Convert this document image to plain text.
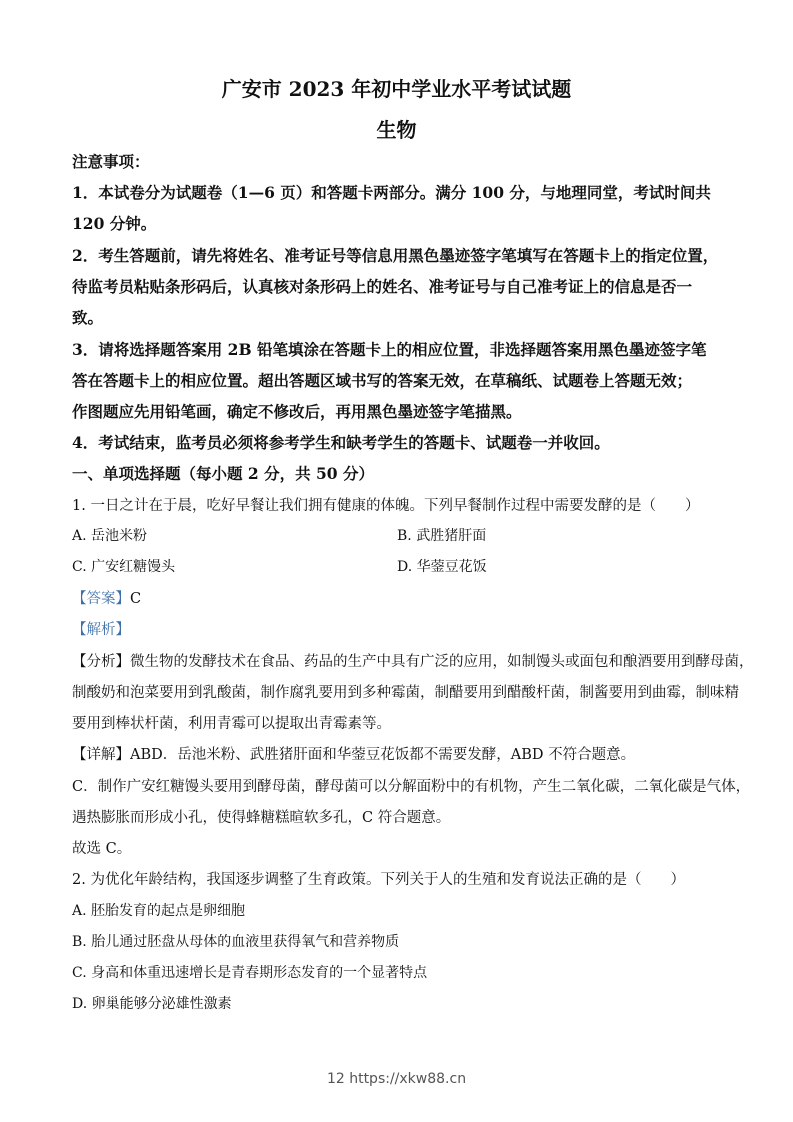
广安市 2023 年初中学业水平考试试题
生物
注意事项：
1．本试卷分为试题卷（1—6 页）和答题卡两部分。满分 100 分，与地理同堂，考试时间共
120 分钟。
2．考生答题前，请先将姓名、准考证号等信息用黑色墨迹签字笔填写在答题卡上的指定位置，
待监考员粘贴条形码后，认真核对条形码上的姓名、准考证号与自己准考证上的信息是否一
致。
3．请将选择题答案用 2B 铅笔填涂在答题卡上的相应位置，非选择题答案用黑色墨迹签字笔
答在答题卡上的相应位置。超出答题区域书写的答案无效，在草稿纸、试题卷上答题无效；
作图题应先用铅笔画，确定不修改后，再用黑色墨迹签字笔描黑。
4．考试结束，监考员必须将参考学生和缺考学生的答题卡、试题卷一并收回。
一、单项选择题（每小题 2 分，共 50 分）
1. 一日之计在于晨，吃好早餐让我们拥有健康的体魄。下列早餐制作过程中需要发酵的是（　　）
A. 岳池米粉	B. 武胜猪肝面
C. 广安红糖馒头	D. 华蓥豆花饭
【答案】C
【解析】
【分析】微生物的发酵技术在食品、药品的生产中具有广泛的应用，如制馒头或面包和酿酒要用到酵母菌，
制酸奶和泡菜要用到乳酸菌，制作腐乳要用到多种霉菌，制醋要用到醋酸杆菌，制酱要用到曲霉，制味精
要用到棒状杆菌，利用青霉可以提取出青霉素等。
【详解】ABD．岳池米粉、武胜猪肝面和华蓥豆花饭都不需要发酵，ABD 不符合题意。
C．制作广安红糖馒头要用到酵母菌，酵母菌可以分解面粉中的有机物，产生二氧化碳，二氧化碳是气体，
遇热膨胀而形成小孔，使得蜂糖糕暄软多孔，C 符合题意。
故选 C。
2. 为优化年龄结构，我国逐步调整了生育政策。下列关于人的生殖和发育说法正确的是（　　）
A. 胚胎发育的起点是卵细胞
B. 胎儿通过胚盘从母体的血液里获得氧气和营养物质
C. 身高和体重迅速增长是青春期形态发育的一个显著特点
D. 卵巢能够分泌雄性激素
12 https://xkw88.cn
